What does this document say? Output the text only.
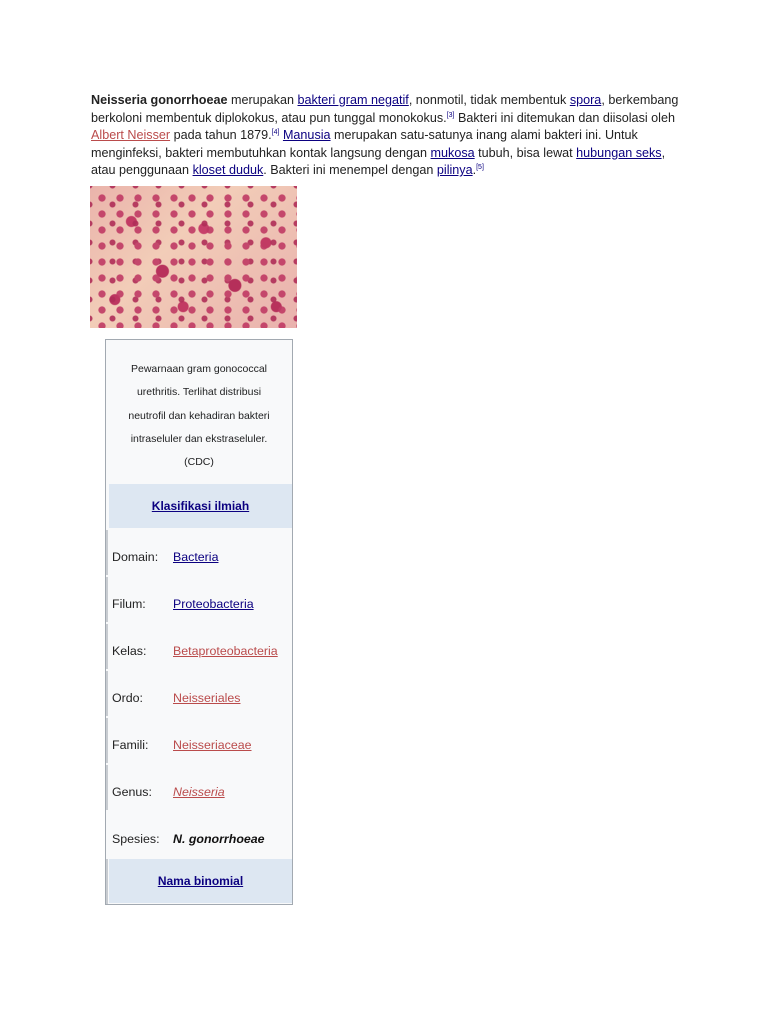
Neisseria gonorrhoeae merupakan bakteri gram negatif, nonmotil, tidak membentuk spora, berkembang berkoloni membentuk diplokokus, atau pun tunggal monokokus.[3] Bakteri ini ditemukan dan diisolasi oleh Albert Neisser pada tahun 1879.[4] Manusia merupakan satu-satunya inang alami bakteri ini. Untuk menginfeksi, bakteri membutuhkan kontak langsung dengan mukosa tubuh, bisa lewat hubungan seks, atau penggunaan kloset duduk. Bakteri ini menempel dengan pilinya.[5]
Pewarnaan gram gonococcal
urethritis. Terlihat distribusi
neutrofil dan kehadiran bakteri
intraseluler dan ekstraseluler.
(CDC)
Klasifikasi ilmiah
Domain:	Bacteria
Filum:	Proteobacteria
Kelas:	Betaproteobacteria
Ordo:	Neisseriales
Famili:	Neisseriaceae
Genus:	Neisseria
Spesies:	N. gonorrhoeae
Nama binomial
